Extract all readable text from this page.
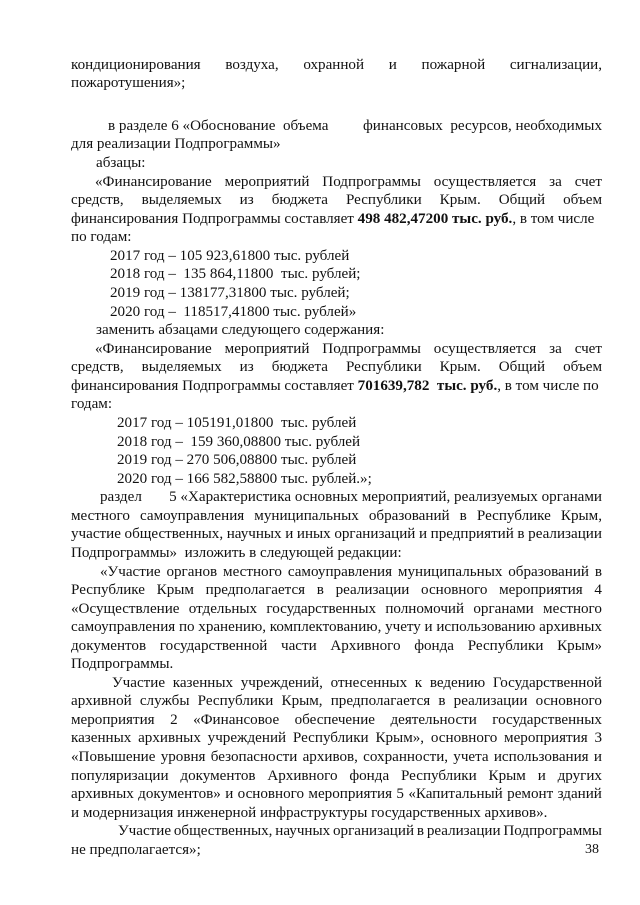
кондиционирования воздуха, охранной и пожарной сигнализации,
пожаротушения»;
в разделе 6 «Обоснование  объема финансовых  ресурсов, необходимых
для реализации Подпрограммы»
абзацы:
«Финансирование мероприятий Подпрограммы осуществляется за счет
средств, выделяемых из бюджета Республики Крым. Общий объем
финансирования Подпрограммы составляет 498 482,47200 тыс. руб., в том числе
по годам:
2017 год – 105 923,61800 тыс. рублей
2018 год –  135 864,11800  тыс. рублей;
2019 год – 138177,31800 тыс. рублей;
2020 год –  118517,41800 тыс. рублей»
заменить абзацами следующего содержания:
«Финансирование мероприятий Подпрограммы осуществляется за счет
средств, выделяемых из бюджета Республики Крым. Общий объем
финансирования Подпрограммы составляет 701639,782  тыс. руб., в том числе по
годам:
2017 год – 105191,01800  тыс. рублей
2018 год –  159 360,08800 тыс. рублей
2019 год – 270 506,08800 тыс. рублей
2020 год – 166 582,58800 тыс. рублей.»;
раздел 5 «Характеристика основных мероприятий, реализуемых органами
местного самоуправления муниципальных образований в Республике Крым,
участие общественных, научных и иных организаций и предприятий в реализации
Подпрограммы»  изложить в следующей редакции:
«Участие органов местного самоуправления муниципальных образований в
Республике Крым предполагается в реализации основного мероприятия 4
«Осуществление отдельных государственных полномочий органами местного
самоуправления по хранению, комплектованию, учету и использованию архивных
документов государственной части Архивного фонда Республики Крым»
Подпрограммы.
Участие казенных учреждений, отнесенных к ведению Государственной
архивной службы Республики Крым, предполагается в реализации основного
мероприятия 2 «Финансовое обеспечение деятельности государственных
казенных архивных учреждений Республики Крым», основного мероприятия 3
«Повышение уровня безопасности архивов, сохранности, учета использования и
популяризации документов Архивного фонда Республики Крым и других
архивных документов» и основного мероприятия 5 «Капитальный ремонт зданий
и модернизация инженерной инфраструктуры государственных архивов».
Участие общественных, научных организаций в реализации Подпрограммы
не предполагается»;	38
